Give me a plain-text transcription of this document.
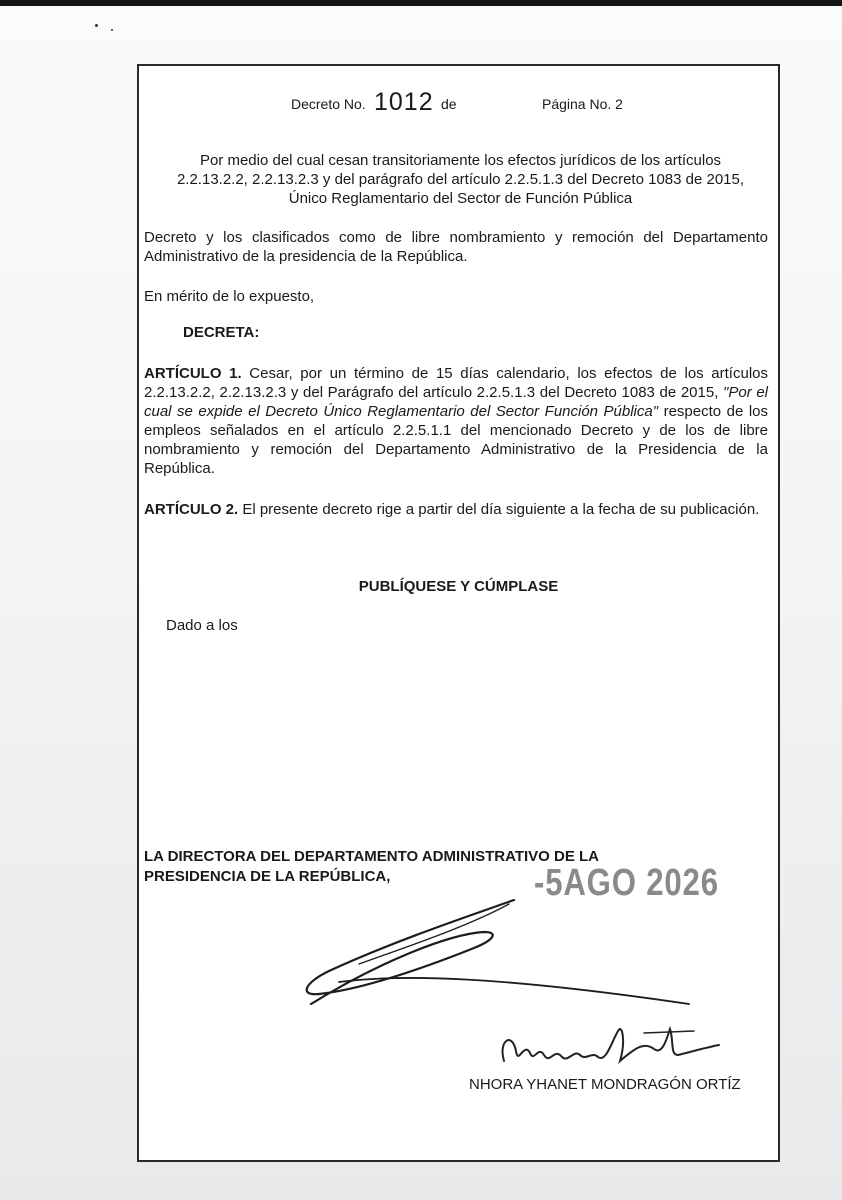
Decreto No. 1012 de	Página No. 2
Por medio del cual cesan transitoriamente los efectos jurídicos de los artículos
2.2.13.2.2, 2.2.13.2.3 y del parágrafo del artículo 2.2.5.1.3 del Decreto 1083 de 2015,
Único Reglamentario del Sector de Función Pública
Decreto y los clasificados como de libre nombramiento y remoción del Departamento Administrativo de la presidencia de la República.
En mérito de lo expuesto,
DECRETA:
ARTÍCULO 1. Cesar, por un término de 15 días calendario, los efectos de los artículos 2.2.13.2.2, 2.2.13.2.3 y del Parágrafo del artículo 2.2.5.1.3 del Decreto 1083 de 2015, "Por el cual se expide el Decreto Único Reglamentario del Sector Función Pública" respecto de los empleos señalados en el artículo 2.2.5.1.1 del mencionado Decreto y de los de libre nombramiento y remoción del Departamento Administrativo de la Presidencia de la República.
ARTÍCULO 2. El presente decreto rige a partir del día siguiente a la fecha de su publicación.
PUBLÍQUESE Y CÚMPLASE
Dado a los
LA DIRECTORA DEL DEPARTAMENTO ADMINISTRATIVO DE LA
PRESIDENCIA DE LA REPÚBLICA,	-5AGO 2026
NHORA YHANET MONDRAGÓN ORTÍZ
